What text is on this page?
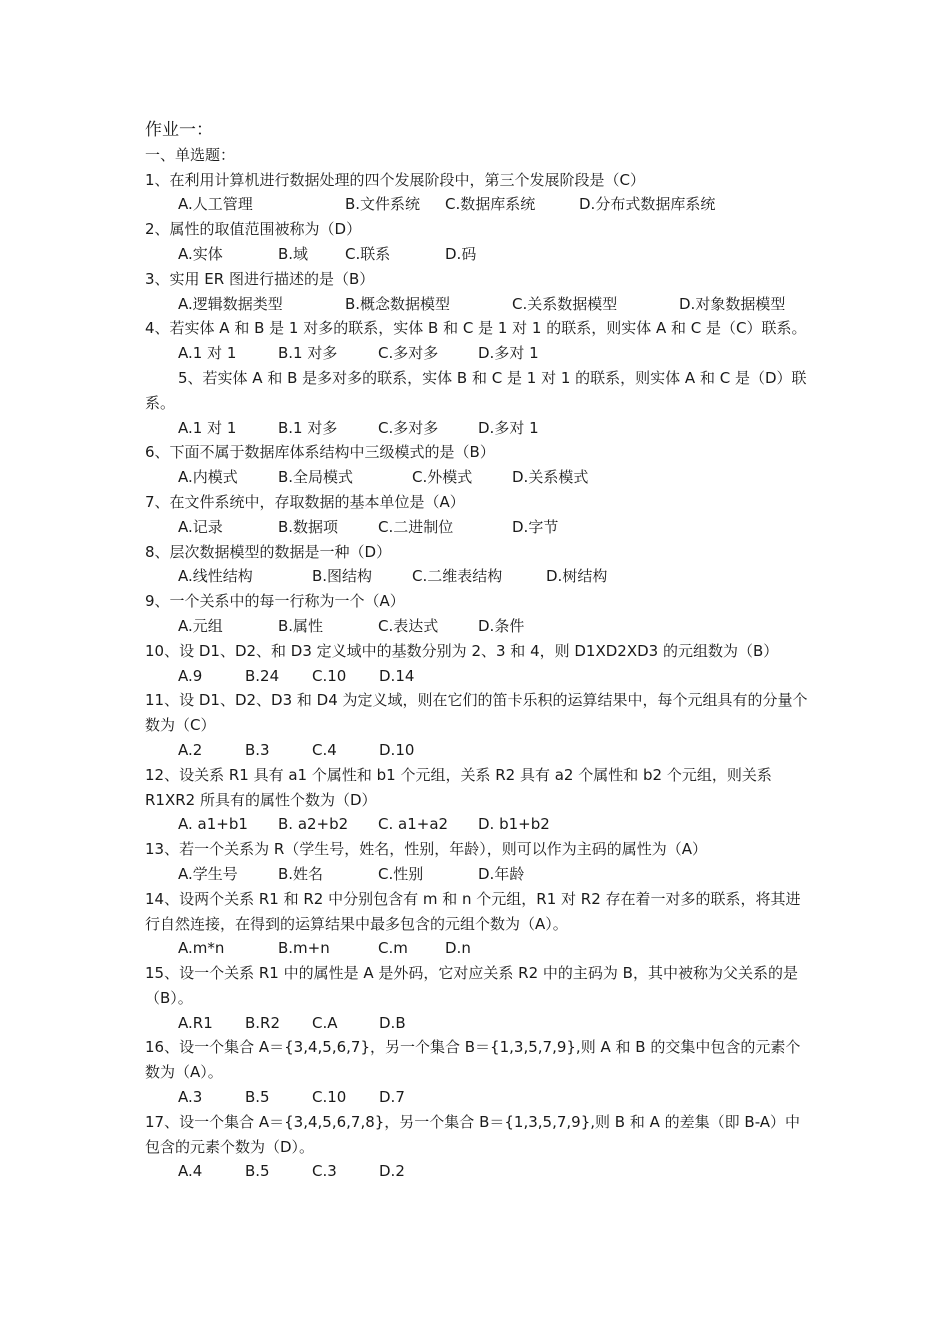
作业一：
一、单选题：
1、在利用计算机进行数据处理的四个发展阶段中，第三个发展阶段是（C）
A.人工管理	B.文件系统 C.数据库系统	D.分布式数据库系统
2、属性的取值范围被称为（D）
A.实体	B.域 C.联系	D.码
3、实用 ER 图进行描述的是（B）
A.逻辑数据类型	B.概念数据模型	C.关系数据模型	D.对象数据模型
4、若实体 A 和 B 是 1 对多的联系，实体 B 和 C 是 1 对 1 的联系，则实体 A 和 C 是（C）联系。
A.1 对 1	B.1 对多	C.多对多	D.多对 1
5、若实体 A 和 B 是多对多的联系，实体 B 和 C 是 1 对 1 的联系，则实体 A 和 C 是（D）联系。
A.1 对 1	B.1 对多	C.多对多	D.多对 1
6、下面不属于数据库体系结构中三级模式的是（B）
A.内模式	B.全局模式	C.外模式	D.关系模式
7、在文件系统中，存取数据的基本单位是（A）
A.记录	B.数据项	C.二进制位	D.字节
8、层次数据模型的数据是一种（D）
A.线性结构	B.图结构	C.二维表结构	D.树结构
9、一个关系中的每一行称为一个（A）
A.元组	B.属性	C.表达式	D.条件
10、设 D1、D2、和 D3 定义域中的基数分别为 2、3 和 4，则 D1XD2XD3 的元组数为（B）
A.9	B.24 C.10 D.14
11、设 D1、D2、D3 和 D4 为定义域，则在它们的笛卡乐积的运算结果中，每个元组具有的分量个数为（C）
A.2	B.3	C.4	D.10
12、设关系 R1 具有 a1 个属性和 b1 个元组，关系 R2 具有 a2 个属性和 b2 个元组，则关系 R1XR2 所具有的属性个数为（D）
A. a1+b1 B. a2+b2 C. a1+a2 D. b1+b2
13、若一个关系为 R（学生号，姓名，性别，年龄），则可以作为主码的属性为（A）
A.学生号	B.姓名	C.性别	D.年龄
14、设两个关系 R1 和 R2 中分别包含有 m 和 n 个元组，R1 对 R2 存在着一对多的联系，将其进行自然连接，在得到的运算结果中最多包含的元组个数为（A）。
A.m*n	B.m+n	C.m D.n
15、设一个关系 R1 中的属性是 A 是外码，它对应关系 R2 中的主码为 B，其中被称为父关系的是（B）。
A.R1 B.R2 C.A	D.B
16、设一个集合 A＝{3,4,5,6,7}，另一个集合 B＝{1,3,5,7,9},则 A 和 B 的交集中包含的元素个数为（A）。
A.3	B.5	C.10 D.7
17、设一个集合 A＝{3,4,5,6,7,8}，另一个集合 B＝{1,3,5,7,9},则 B 和 A 的差集（即 B-A）中包含的元素个数为（D）。
A.4	B.5	C.3	D.2
